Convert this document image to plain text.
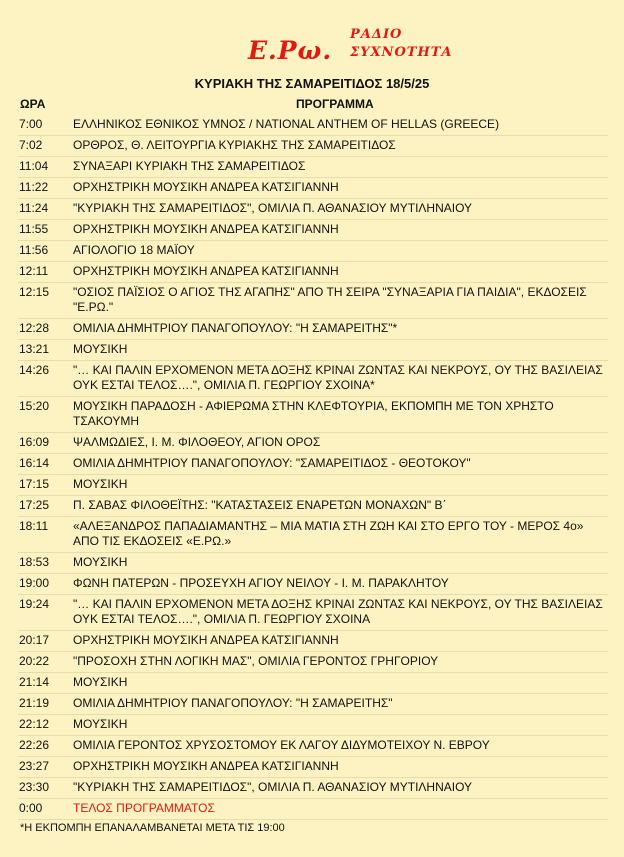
Ε.Ρω.
ΡΑΔΙΟ
ΣΥΧΝΟΤΗΤΑ
ΚΥΡΙΑΚΗ ΤΗΣ ΣΑΜΑΡΕΙΤΙΔΟΣ 18/5/25
ΩΡΑ	ΠΡΟΓΡΑΜΜΑ
7:00	ΕΛΛΗΝΙΚΟΣ ΕΘΝΙΚΟΣ ΥΜΝΟΣ / NATIONAL ANTHEM OF HELLAS (GREECE)
7:02	ΟΡΘΡΟΣ, Θ. ΛΕΙΤΟΥΡΓΙΑ ΚΥΡΙΑΚΗΣ ΤΗΣ ΣΑΜΑΡΕΙΤΙΔΟΣ
11:04	ΣΥΝΑΞΑΡΙ ΚΥΡΙΑΚΗ ΤΗΣ ΣΑΜΑΡΕΙΤΙΔΟΣ
11:22	ΟΡΧΗΣΤΡΙΚΗ ΜΟΥΣΙΚΗ ΑΝΔΡΕΑ ΚΑΤΣΙΓΙΑΝΝΗ
11:24	"ΚΥΡΙΑΚΗ ΤΗΣ ΣΑΜΑΡΕΙΤΙΔΟΣ", ΟΜΙΛΙΑ Π. ΑΘΑΝΑΣΙΟΥ ΜΥΤΙΛΗΝΑΙΟΥ
11:55	ΟΡΧΗΣΤΡΙΚΗ ΜΟΥΣΙΚΗ ΑΝΔΡΕΑ ΚΑΤΣΙΓΙΑΝΝΗ
11:56	ΑΓΙΟΛΟΓΙΟ 18 ΜΑΪΟΥ
12:11	ΟΡΧΗΣΤΡΙΚΗ ΜΟΥΣΙΚΗ ΑΝΔΡΕΑ ΚΑΤΣΙΓΙΑΝΝΗ
12:15	"ΟΣΙΟΣ ΠΑΪΣΙΟΣ Ο ΑΓΙΟΣ ΤΗΣ ΑΓΑΠΗΣ" ΑΠΟ ΤΗ ΣΕΙΡΑ "ΣΥΝΑΞΑΡΙΑ ΓΙΑ ΠΑΙΔΙΑ", ΕΚΔΟΣΕΙΣ "Ε.ΡΩ."
12:28	ΟΜΙΛΙΑ ΔΗΜΗΤΡΙΟΥ ΠΑΝΑΓΟΠΟΥΛΟΥ: "Η ΣΑΜΑΡΕΙΤΗΣ"*
13:21	ΜΟΥΣΙΚΗ
14:26	"… ΚΑΙ ΠΑΛΙΝ ΕΡΧΟΜΕΝΟΝ ΜΕΤΑ ΔΟΞΗΣ ΚΡΙΝΑΙ ΖΩΝΤΑΣ ΚΑΙ ΝΕΚΡΟΥΣ, ΟΥ ΤΗΣ ΒΑΣΙΛΕΙΑΣ ΟΥΚ ΕΣΤΑΙ ΤΕΛΟΣ….", ΟΜΙΛΙΑ Π. ΓΕΩΡΓΙΟΥ ΣΧΟΙΝΑ*
15:20	ΜΟΥΣΙΚΗ ΠΑΡΑΔΟΣΗ - ΑΦΙΕΡΩΜΑ ΣΤΗΝ ΚΛΕΦΤΟΥΡΙΑ, ΕΚΠΟΜΠΗ ΜΕ ΤΟΝ ΧΡΗΣΤΟ ΤΣΑΚΟΥΜΗ
16:09	ΨΑΛΜΩΔΙΕΣ, Ι. Μ. ΦΙΛΟΘΕΟΥ, ΑΓΙΟΝ ΟΡΟΣ
16:14	ΟΜΙΛΙΑ ΔΗΜΗΤΡΙΟΥ ΠΑΝΑΓΟΠΟΥΛΟΥ: "ΣΑΜΑΡΕΙΤΙΔΟΣ - ΘΕΟΤΟΚΟΥ"
17:15	ΜΟΥΣΙΚΗ
17:25	Π. ΣΑΒΑΣ ΦΙΛΟΘΕΪΤΗΣ: "ΚΑΤΑΣΤΑΣΕΙΣ ΕΝΑΡΕΤΩΝ ΜΟΝΑΧΩΝ" Β΄
18:11	«ΑΛΕΞΑΝΔΡΟΣ ΠΑΠΑΔΙΑΜΑΝΤΗΣ – ΜΙΑ ΜΑΤΙΑ ΣΤΗ ΖΩΗ ΚΑΙ ΣΤΟ ΕΡΓΟ ΤΟΥ - ΜΕΡΟΣ 4ο» ΑΠΟ ΤΙΣ ΕΚΔΟΣΕΙΣ «Ε.ΡΩ.»
18:53	ΜΟΥΣΙΚΗ
19:00	ΦΩΝΗ ΠΑΤΕΡΩΝ - ΠΡΟΣΕΥΧΗ ΑΓΙΟΥ ΝΕΙΛΟΥ - Ι. Μ. ΠΑΡΑΚΛΗΤΟΥ
19:24	"… ΚΑΙ ΠΑΛΙΝ ΕΡΧΟΜΕΝΟΝ ΜΕΤΑ ΔΟΞΗΣ ΚΡΙΝΑΙ ΖΩΝΤΑΣ ΚΑΙ ΝΕΚΡΟΥΣ, ΟΥ ΤΗΣ ΒΑΣΙΛΕΙΑΣ ΟΥΚ ΕΣΤΑΙ ΤΕΛΟΣ….", ΟΜΙΛΙΑ Π. ΓΕΩΡΓΙΟΥ ΣΧΟΙΝΑ
20:17	ΟΡΧΗΣΤΡΙΚΗ ΜΟΥΣΙΚΗ ΑΝΔΡΕΑ ΚΑΤΣΙΓΙΑΝΝΗ
20:22	"ΠΡΟΣΟΧΗ ΣΤΗΝ ΛΟΓΙΚΗ ΜΑΣ", ΟΜΙΛΙΑ ΓΕΡΟΝΤΟΣ ΓΡΗΓΟΡΙΟΥ
21:14	ΜΟΥΣΙΚΗ
21:19	ΟΜΙΛΙΑ ΔΗΜΗΤΡΙΟΥ ΠΑΝΑΓΟΠΟΥΛΟΥ: "Η ΣΑΜΑΡΕΙΤΗΣ"
22:12	ΜΟΥΣΙΚΗ
22:26	ΟΜΙΛΙΑ ΓΕΡΟΝΤΟΣ ΧΡΥΣΟΣΤΟΜΟΥ ΕΚ ΛΑΓΟΥ ΔΙΔΥΜΟΤΕΙΧΟΥ Ν. ΕΒΡΟΥ
23:27	ΟΡΧΗΣΤΡΙΚΗ ΜΟΥΣΙΚΗ ΑΝΔΡΕΑ ΚΑΤΣΙΓΙΑΝΝΗ
23:30	"ΚΥΡΙΑΚΗ ΤΗΣ ΣΑΜΑΡΕΙΤΙΔΟΣ", ΟΜΙΛΙΑ Π. ΑΘΑΝΑΣΙΟΥ ΜΥΤΙΛΗΝΑΙΟΥ
0:00	ΤΕΛΟΣ ΠΡΟΓΡΑΜΜΑΤΟΣ
*Η ΕΚΠΟΜΠΗ ΕΠΑΝΑΛΑΜΒΑΝΕΤΑΙ ΜΕΤΑ ΤΙΣ 19:00
